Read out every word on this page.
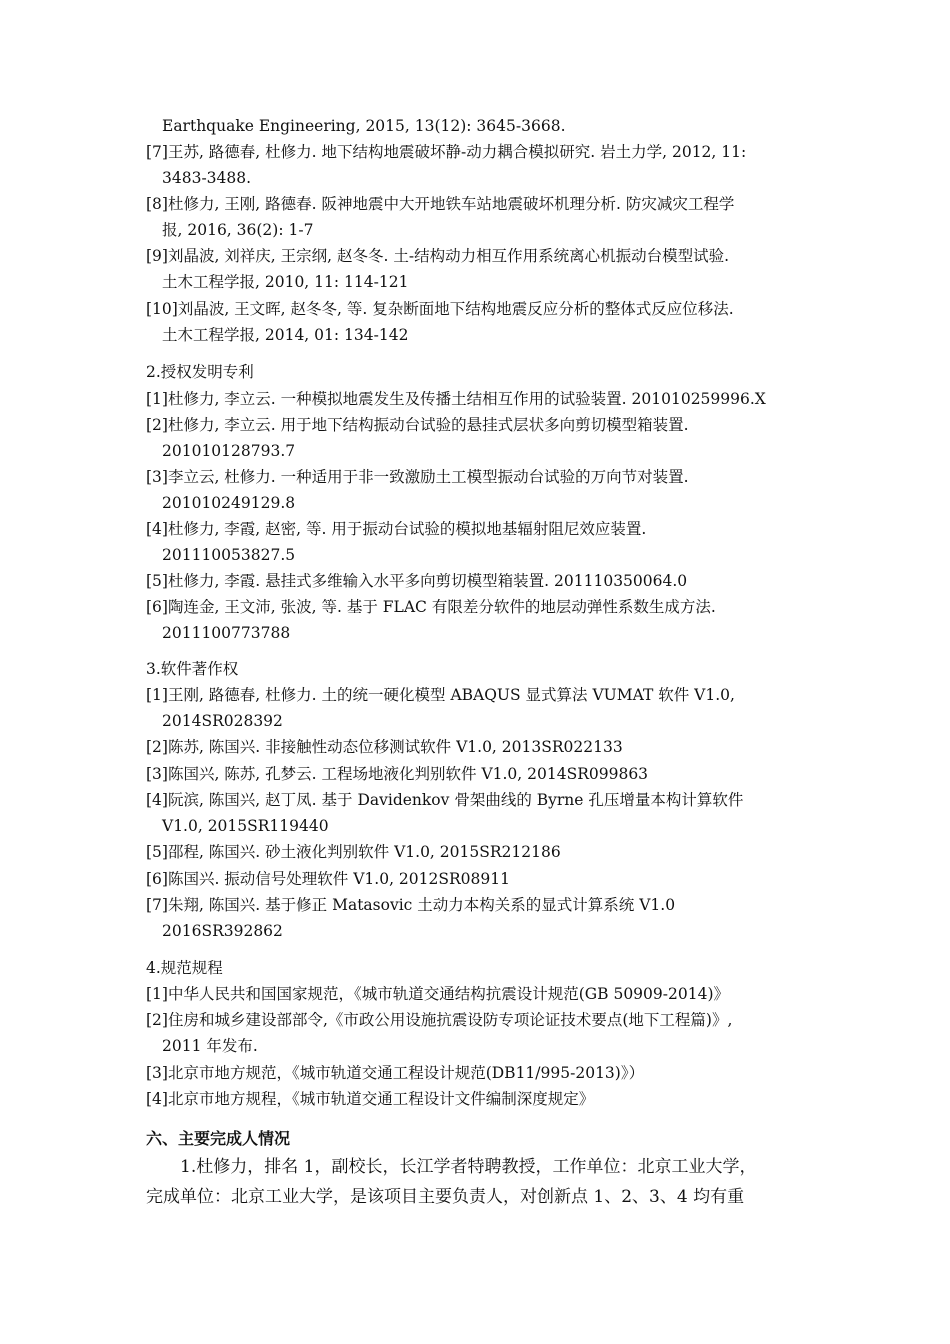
Earthquake Engineering, 2015, 13(12): 3645-3668.
[7]王苏, 路德春, 杜修力. 地下结构地震破坏静-动力耦合模拟研究. 岩土力学, 2012, 11:
3483-3488.
[8]杜修力, 王刚, 路德春. 阪神地震中大开地铁车站地震破坏机理分析. 防灾减灾工程学
报, 2016, 36(2): 1-7
[9]刘晶波, 刘祥庆, 王宗纲, 赵冬冬. 土-结构动力相互作用系统离心机振动台模型试验.
土木工程学报, 2010, 11: 114-121
[10]刘晶波, 王文晖, 赵冬冬, 等. 复杂断面地下结构地震反应分析的整体式反应位移法.
土木工程学报, 2014, 01: 134-142
2.授权发明专利
[1]杜修力, 李立云. 一种模拟地震发生及传播土结相互作用的试验装置. 201010259996.X
[2]杜修力, 李立云. 用于地下结构振动台试验的悬挂式层状多向剪切模型箱装置.
201010128793.7
[3]李立云, 杜修力. 一种适用于非一致激励土工模型振动台试验的万向节对装置.
201010249129.8
[4]杜修力, 李霞, 赵密, 等. 用于振动台试验的模拟地基辐射阻尼效应装置.
201110053827.5
[5]杜修力, 李霞. 悬挂式多维输入水平多向剪切模型箱装置. 201110350064.0
[6]陶连金, 王文沛, 张波, 等. 基于 FLAC 有限差分软件的地层动弹性系数生成方法.
2011100773788
3.软件著作权
[1]王刚, 路德春, 杜修力. 土的统一硬化模型 ABAQUS 显式算法 VUMAT 软件 V1.0,
2014SR028392
[2]陈苏, 陈国兴. 非接触性动态位移测试软件 V1.0, 2013SR022133
[3]陈国兴, 陈苏, 孔梦云. 工程场地液化判别软件 V1.0, 2014SR099863
[4]阮滨, 陈国兴, 赵丁凤. 基于 Davidenkov 骨架曲线的 Byrne 孔压增量本构计算软件
V1.0, 2015SR119440
[5]邵程, 陈国兴. 砂土液化判别软件 V1.0, 2015SR212186
[6]陈国兴. 振动信号处理软件 V1.0, 2012SR08911
[7]朱翔, 陈国兴. 基于修正 Matasovic 土动力本构关系的显式计算系统 V1.0
2016SR392862
4.规范规程
[1]中华人民共和国国家规范，《城市轨道交通结构抗震设计规范(GB 50909-2014)》
[2]住房和城乡建设部部令,《市政公用设施抗震设防专项论证技术要点(地下工程篇)》,
2011 年发布.
[3]北京市地方规范，《城市轨道交通工程设计规范(DB11/995-2013)》）
[4]北京市地方规程，《城市轨道交通工程设计文件编制深度规定》
六、主要完成人情况
1.杜修力，排名 1，副校长，长江学者特聘教授，工作单位：北京工业大学，
完成单位：北京工业大学，是该项目主要负责人，对创新点 1、2、3、4 均有重
